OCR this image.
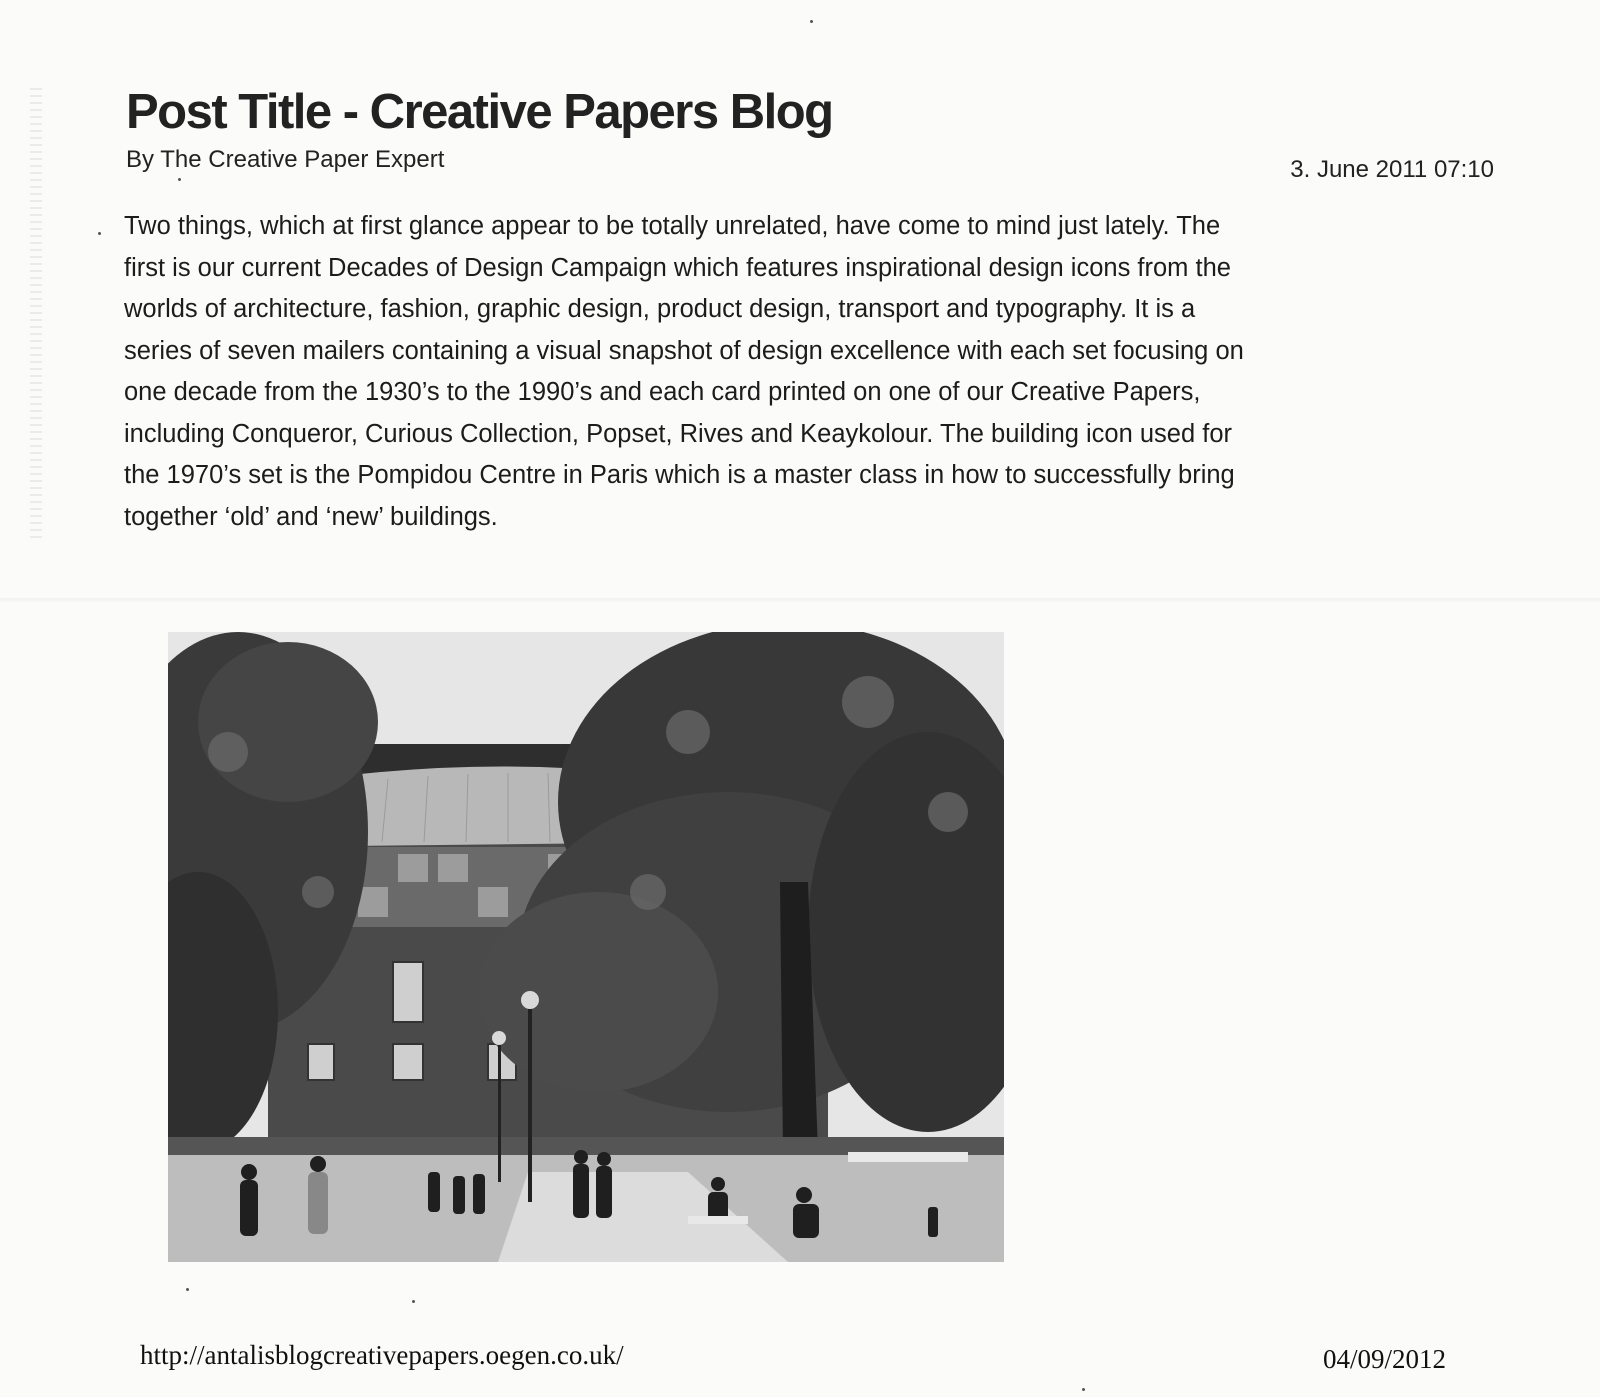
Post Title - Creative Papers Blog
By The Creative Paper Expert	3. June 2011 07:10
Two things, which at first glance appear to be totally unrelated, have come to mind just lately. The
first is our current Decades of Design Campaign which features inspirational design icons from the
worlds of architecture, fashion, graphic design, product design, transport and typography. It is a
series of seven mailers containing a visual snapshot of design excellence with each set focusing on
one decade from the 1930’s to the 1990’s and each card printed on one of our Creative Papers,
including Conqueror, Curious Collection, Popset, Rives and Keaykolour. The building icon used for
the 1970’s set is the Pompidou Centre in Paris which is a master class in how to successfully bring
together ‘old’ and ‘new’ buildings.
http://antalisblogcreativepapers.oegen.co.uk/	04/09/2012
